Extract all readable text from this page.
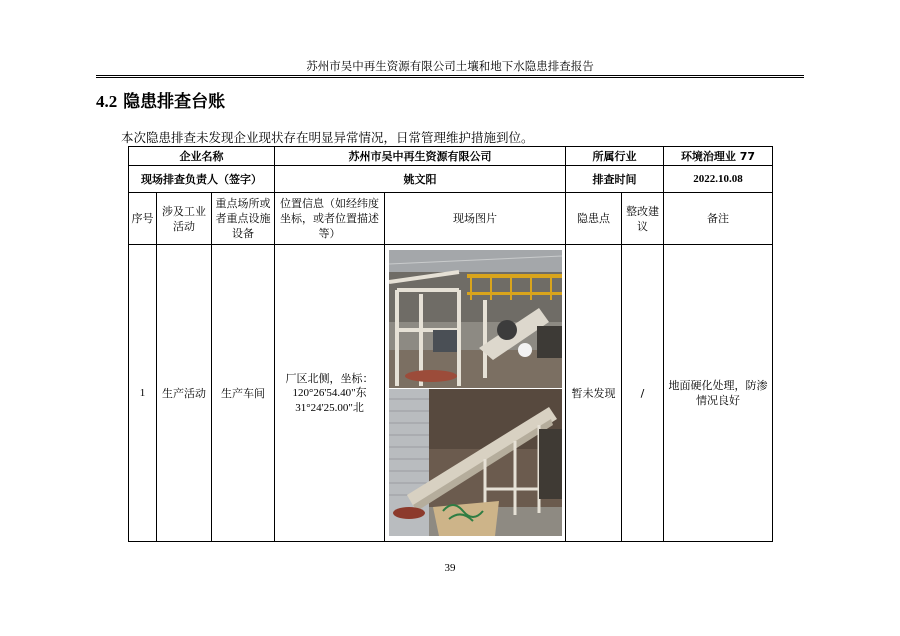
苏州市吴中再生资源有限公司土壤和地下水隐患排查报告
4.2 隐患排查台账
本次隐患排查未发现企业现状存在明显异常情况，日常管理维护措施到位。
企业名称			苏州市吴中再生资源有限公司		所属行业		环境治理业 77
现场排查负责人（签字）			姚文阳		排查时间		2022.10.08
序号	涉及工业活动	重点场所或者重点设施设备	位置信息（如经纬度坐标，或者位置描述等）	现场图片	隐患点	整改建议	备注
1	生产活动	生产车间	厂区北侧，坐标：
120°26'54.40"东
31°24'25.00"北		暂未发现	/	地面硬化处理，防渗情况良好
39
